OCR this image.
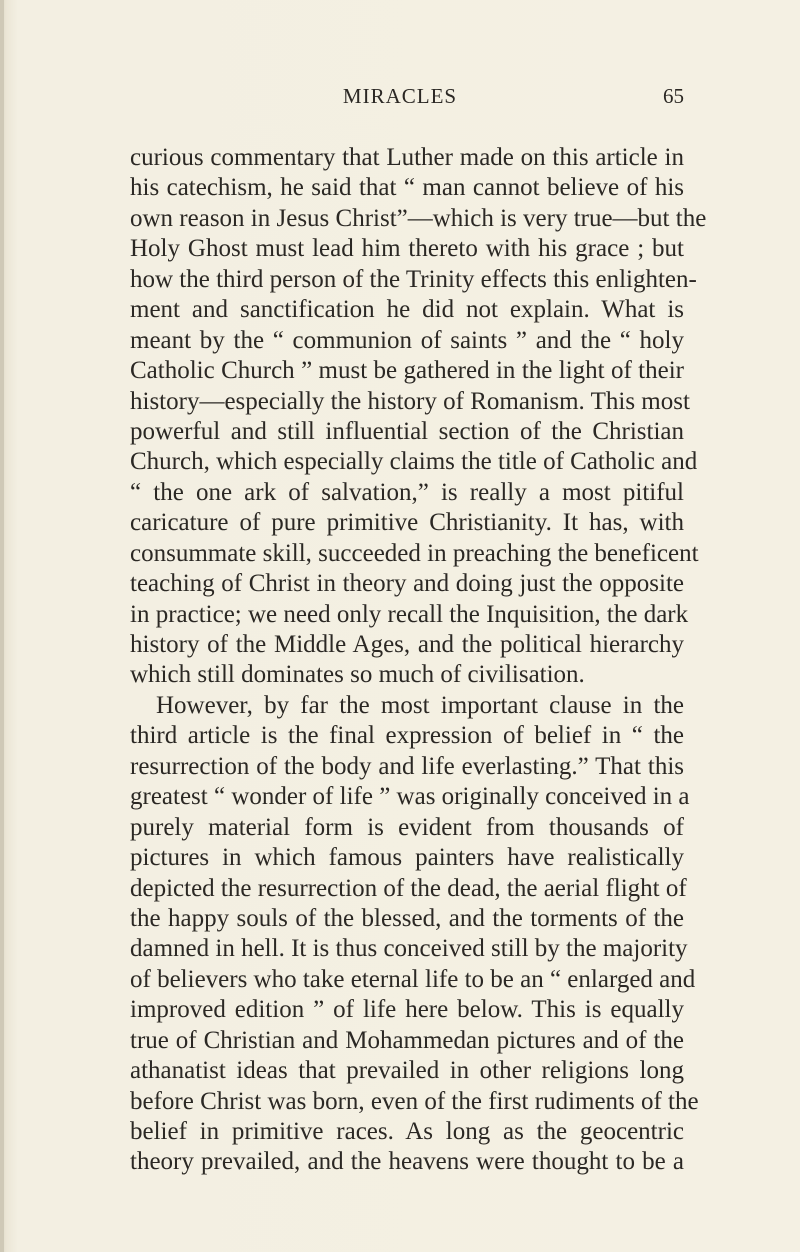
MIRACLES	65
curious commentary that Luther made on this article in
his catechism, he said that “ man cannot believe of his
own reason in Jesus Christ”—which is very true—but the
Holy Ghost must lead him thereto with his grace ; but
how the third person of the Trinity effects this enlighten-
ment and sanctification he did not explain. What is
meant by the “ communion of saints ” and the “ holy
Catholic Church ” must be gathered in the light of their
history—especially the history of Romanism. This most
powerful and still influential section of the Christian
Church, which especially claims the title of Catholic and
“ the one ark of salvation,” is really a most pitiful
caricature of pure primitive Christianity. It has, with
consummate skill, succeeded in preaching the beneficent
teaching of Christ in theory and doing just the opposite
in practice; we need only recall the Inquisition, the dark
history of the Middle Ages, and the political hierarchy
which still dominates so much of civilisation.
However, by far the most important clause in the
third article is the final expression of belief in “ the
resurrection of the body and life everlasting.” That this
greatest “ wonder of life ” was originally conceived in a
purely material form is evident from thousands of
pictures in which famous painters have realistically
depicted the resurrection of the dead, the aerial flight of
the happy souls of the blessed, and the torments of the
damned in hell. It is thus conceived still by the majority
of believers who take eternal life to be an “ enlarged and
improved edition ” of life here below. This is equally
true of Christian and Mohammedan pictures and of the
athanatist ideas that prevailed in other religions long
before Christ was born, even of the first rudiments of the
belief in primitive races. As long as the geocentric
theory prevailed, and the heavens were thought to be a
